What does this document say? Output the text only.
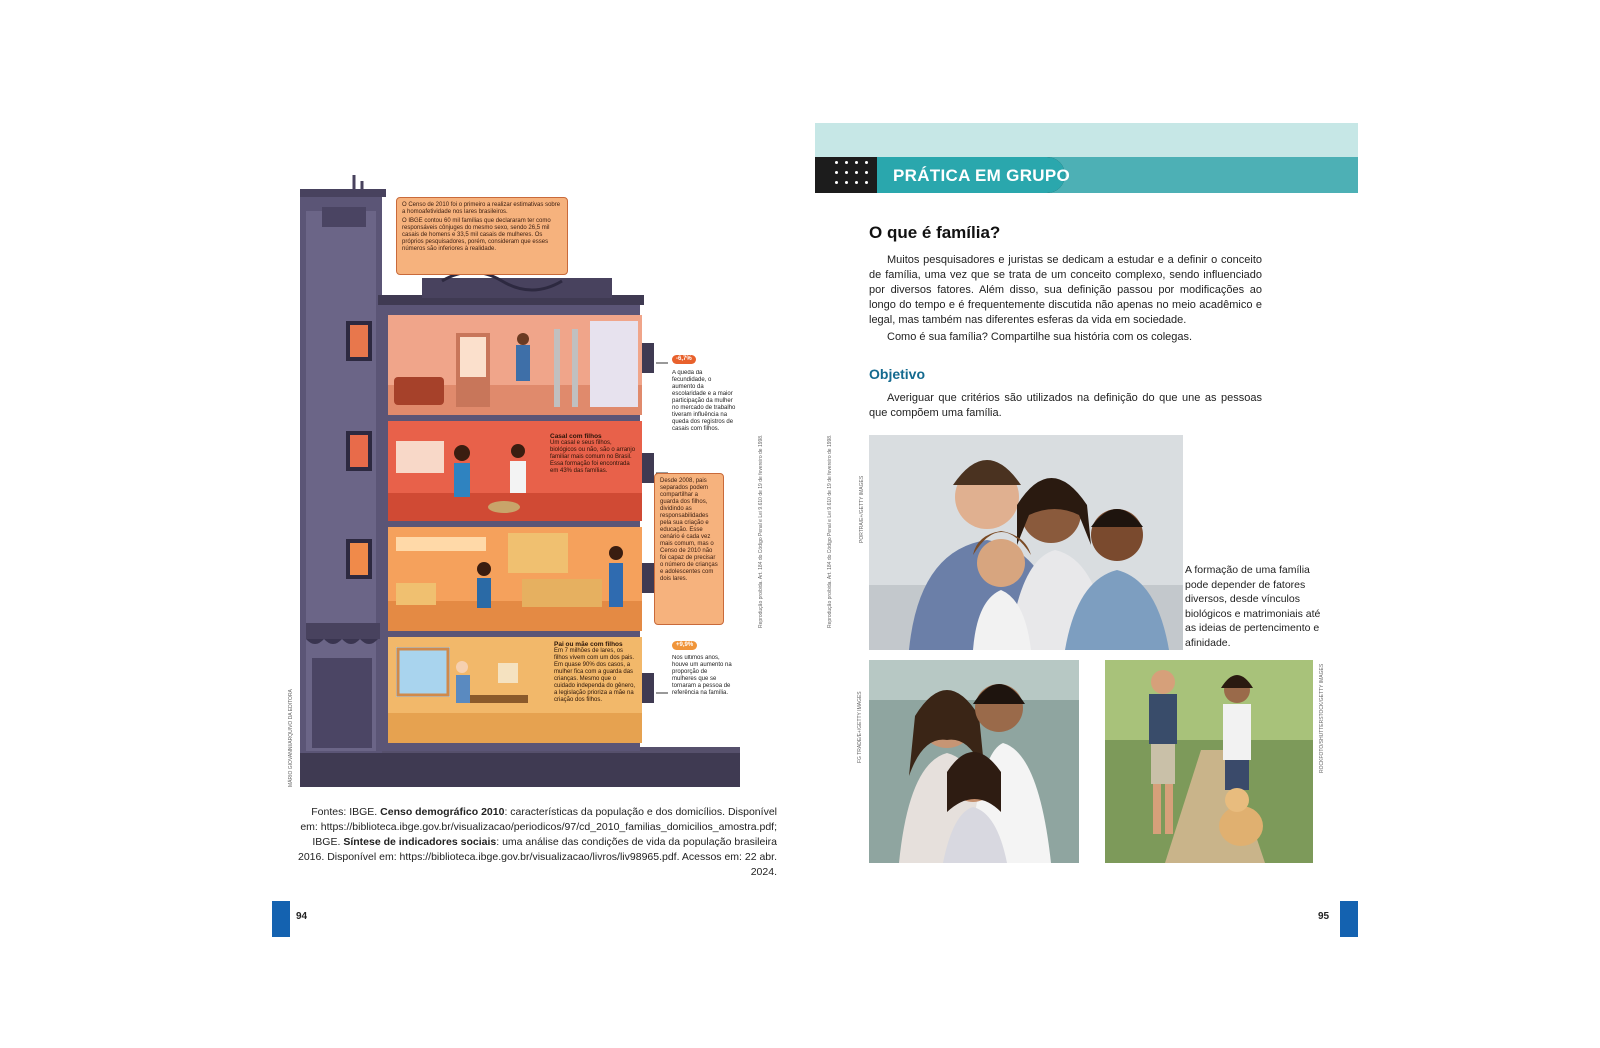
O Censo de 2010 foi o primeiro a realizar estimativas sobre a homoafetividade nos lares brasileiros.

O IBGE contou 60 mil famílias que declararam ter como responsáveis cônjuges do mesmo sexo, sendo 26,5 mil casais de homens e 33,5 mil casais de mulheres. Os próprios pesquisadores, porém, consideram que esses números são inferiores à realidade.

-6,7%
A queda da fecundidade, o aumento da escolaridade e a maior participação da mulher no mercado de trabalho tiveram influência na queda dos registros de casais com filhos.
Casal com filhos
Um casal e seus filhos, biológicos ou não, são o arranjo familiar mais comum no Brasil. Essa formação foi encontrada em 43% das famílias.
Desde 2008, pais separados podem compartilhar a guarda dos filhos, dividindo as responsabilidades pela sua criação e educação. Esse cenário é cada vez mais comum, mas o Censo de 2010 não foi capaz de precisar o número de crianças e adolescentes com dois lares.
Pai ou mãe com filhos
Em 7 milhões de lares, os filhos vivem com um dos pais. Em quase 90% dos casos, a mulher fica com a guarda das crianças. Mesmo que o cuidado independa do gênero, a legislação prioriza a mãe na criação dos filhos.
+9,9%
Nos últimos anos, houve um aumento na proporção de mulheres que se tornaram a pessoa de referência na família.
MÁRIO GIOVANNI/ARQUIVO DA EDITORA
Reprodução proibida. Art. 184 do Código Penal e Lei 9.610 de 19 de fevereiro de 1998.
Fontes: IBGE. Censo demográfico 2010: características da população e dos domicílios. Disponível em: https://biblioteca.ibge.gov.br/visualizacao/periodicos/97/cd_2010_familias_domicilios_amostra.pdf; IBGE. Síntese de indicadores sociais: uma análise das condições de vida da população brasileira 2016. Disponível em: https://biblioteca.ibge.gov.br/visualizacao/livros/liv98965.pdf. Acessos em: 22 abr. 2024.
94
PRÁTICA EM GRUPO
O que é família?

Muitos pesquisadores e juristas se dedicam a estudar e a definir o conceito de família, uma vez que se trata de um conceito complexo, sendo influenciado por diversos fatores. Além disso, sua definição passou por modificações ao longo do tempo e é frequentemente discutida não apenas no meio acadêmico e legal, mas também nas diferentes esferas da vida em sociedade.

Como é sua família? Compartilhe sua história com os colegas.

Objetivo

Averiguar que critérios são utilizados na definição do que une as pessoas que compõem uma família.

Reprodução proibida. Art. 184 do Código Penal e Lei 9.610 de 19 de fevereiro de 1998.	PORTRA/E+/GETTY IMAGES
A formação de uma família pode depender de fatores diversos, desde vínculos biológicos e matrimoniais até as ideias de pertencimento e afinidade.
FG TRADE/E+/GETTY IMAGES	ROCKFOTO/SHUTTERSTOCK/GETTY IMAGES
95
